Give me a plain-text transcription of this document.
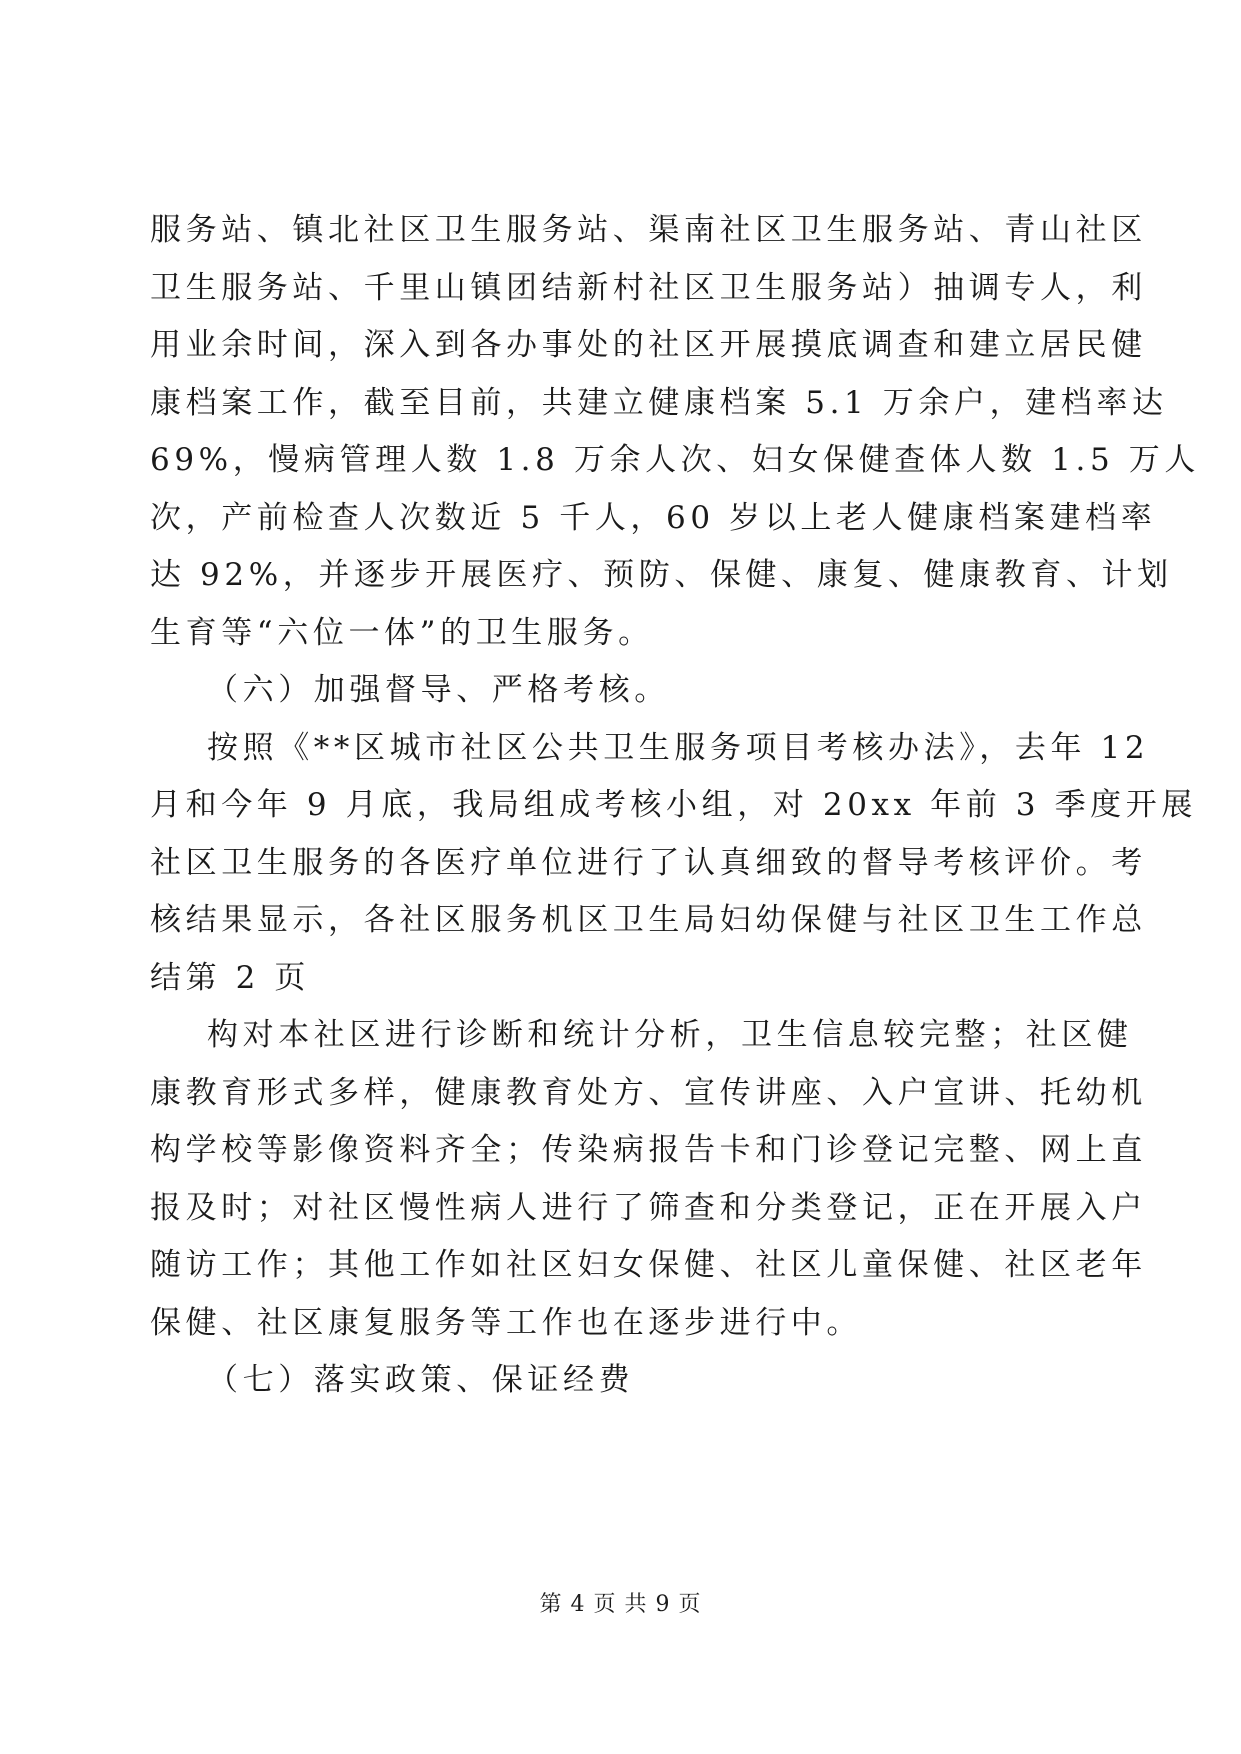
服务站、镇北社区卫生服务站、渠南社区卫生服务站、青山社区
卫生服务站、千里山镇团结新村社区卫生服务站）抽调专人，利
用业余时间，深入到各办事处的社区开展摸底调查和建立居民健
康档案工作，截至目前，共建立健康档案 5.1 万余户，建档率达
69%，慢病管理人数 1.8 万余人次、妇女保健查体人数 1.5 万人
次，产前检查人次数近 5 千人，60 岁以上老人健康档案建档率
达 92%，并逐步开展医疗、预防、保健、康复、健康教育、计划
生育等“六位一体”的卫生服务。
（六）加强督导、严格考核。
按照《**区城市社区公共卫生服务项目考核办法》，去年 12
月和今年 9 月底，我局组成考核小组，对 20xx 年前 3 季度开展
社区卫生服务的各医疗单位进行了认真细致的督导考核评价。考
核结果显示，各社区服务机区卫生局妇幼保健与社区卫生工作总
结第 2 页
构对本社区进行诊断和统计分析，卫生信息较完整；社区健
康教育形式多样，健康教育处方、宣传讲座、入户宣讲、托幼机
构学校等影像资料齐全；传染病报告卡和门诊登记完整、网上直
报及时；对社区慢性病人进行了筛查和分类登记，正在开展入户
随访工作；其他工作如社区妇女保健、社区儿童保健、社区老年
保健、社区康复服务等工作也在逐步进行中。
（七）落实政策、保证经费
第 4 页 共 9 页
